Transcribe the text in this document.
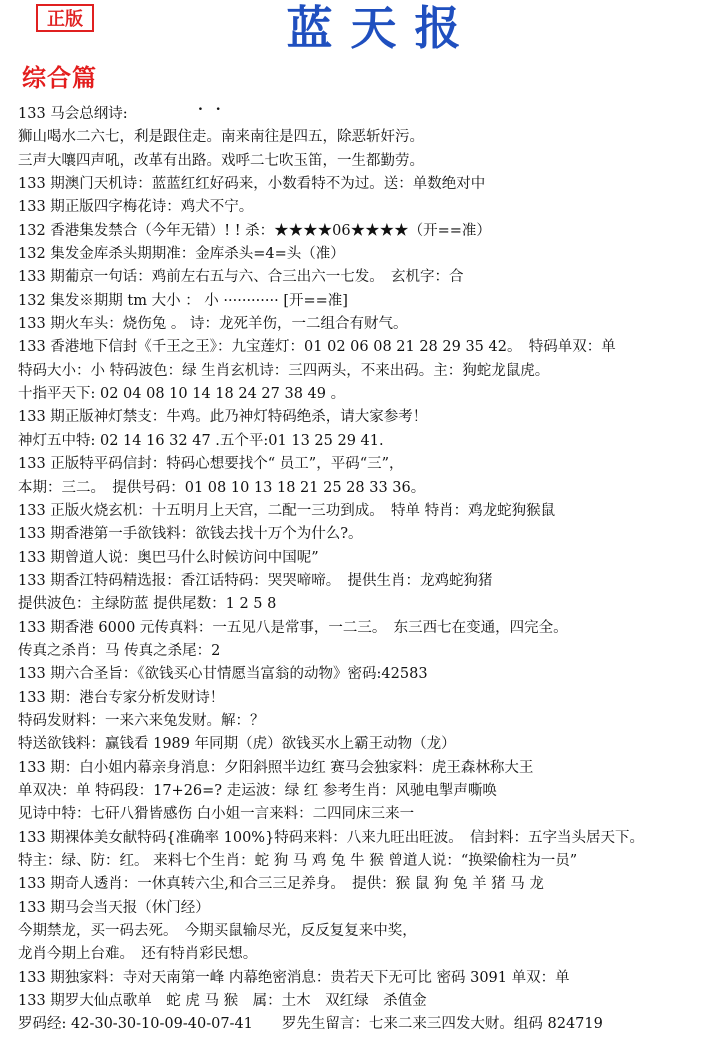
正版	蓝天报
综合篇
. .
133 马会总纲诗:
狮山喝水二六七，利是跟住走。南来南往是四五，除恶斩奸污。
三声大嚷四声吼，改革有出路。戏呼二七吹玉笛，一生都勤劳。
133 期澳门天机诗：蓝蓝红红好码来，小数看特不为过。送：单数绝对中
133 期正版四字梅花诗：鸡犬不宁。
132 香港集发禁合（今年无错）! ! 杀：★★★★06★★★★（开==准）
132 集发金库杀头期期准：金库杀头=4=头（准）
133 期葡京一句话：鸡前左右五与六、合三出六一七发。　玄机字：合
132 集发※期期 tm 大小 ： 小 ············ [开==准]
133 期火车头：烧伤兔 。 诗：龙死羊伤，一二组合有财气。
133 香港地下信封《千王之王》：九宝莲灯：01 02 06 08 21 28 29 35 42。　特码单双：单
特码大小：小 特码波色：绿 生肖玄机诗：三四两头，不来出码。主：狗蛇龙鼠虎。
十指平天下: 02 04 08 10 14 18 24 27 38 49 。
133 期正版神灯禁支：牛鸡。此乃神灯特码绝杀，请大家参考！
神灯五中特: 02 14 16 32 47 .五个平:01 13 25 29 41.
133 正版特平码信封：特码心想要找个“ 员工”，平码“三”，
本期：三二。　提供号码：01 08 10 13 18 21 25 28 33 36。
133 正版火烧玄机：十五明月上天宫，二配一三功到成。　特单 特肖：鸡龙蛇狗猴鼠
133 期香港第一手欲钱料：欲钱去找十万个为什么?。
133 期曾道人说：奥巴马什么时候访问中国呢”
133 期香江特码精选报：香江话特码：哭哭啼啼。　提供生肖：龙鸡蛇狗猪
提供波色：主绿防蓝 提供尾数：1 2 5 8
133 期香港 6000 元传真料：一五见八是常事，一二三。　东三西七在变通，四完全。
传真之杀肖：马 传真之杀尾：2
133 期六合圣旨：《欲钱买心甘情愿当富翁的动物》密码:42583
133 期：港台专家分析发财诗！
特码发财料：一来六来兔发财。解：？
特送欲钱料：赢钱看 1989 年同期（虎）欲钱买水上霸王动物（龙）
133 期：白小姐内幕亲身消息：夕阳斜照半边红 赛马会独家料：虎王森林称大王
单双决：单 特码段：17+26=? 走运波：绿 红 参考生肖：风驰电掣声嘶唤
见诗中特：七矸八猾皆感伤 白小姐一言来料：二四同床三来一
133 期裸体美女献特码{准确率 100%}特码来料：八来九旺出旺波。　信封料：五字当头居天下。
特主：绿、防：红。 来料七个生肖：蛇 狗 马 鸡 兔 牛 猴 曾道人说：“换梁偷柱为一员”
133 期奇人透肖：一休真转六尘,和合三三足养身。　提供：猴 鼠 狗 兔 羊 猪 马 龙
133 期马会当天报（休门经）
今期禁龙，买一码去死。　今期买鼠输尽光，反反复复来中奖，
龙肖今期上台难。　还有特肖彩民想。
133 期独家料：寺对天南第一峰 内幕绝密消息：贵若天下无可比 密码 3091 单双：单
133 期罗大仙点歌单　蛇 虎 马 猴　属：土木　双红绿　杀值金
罗码经: 42-30-30-10-09-40-07-41　　罗先生留言：七来二来三四发大财。组码 824719
